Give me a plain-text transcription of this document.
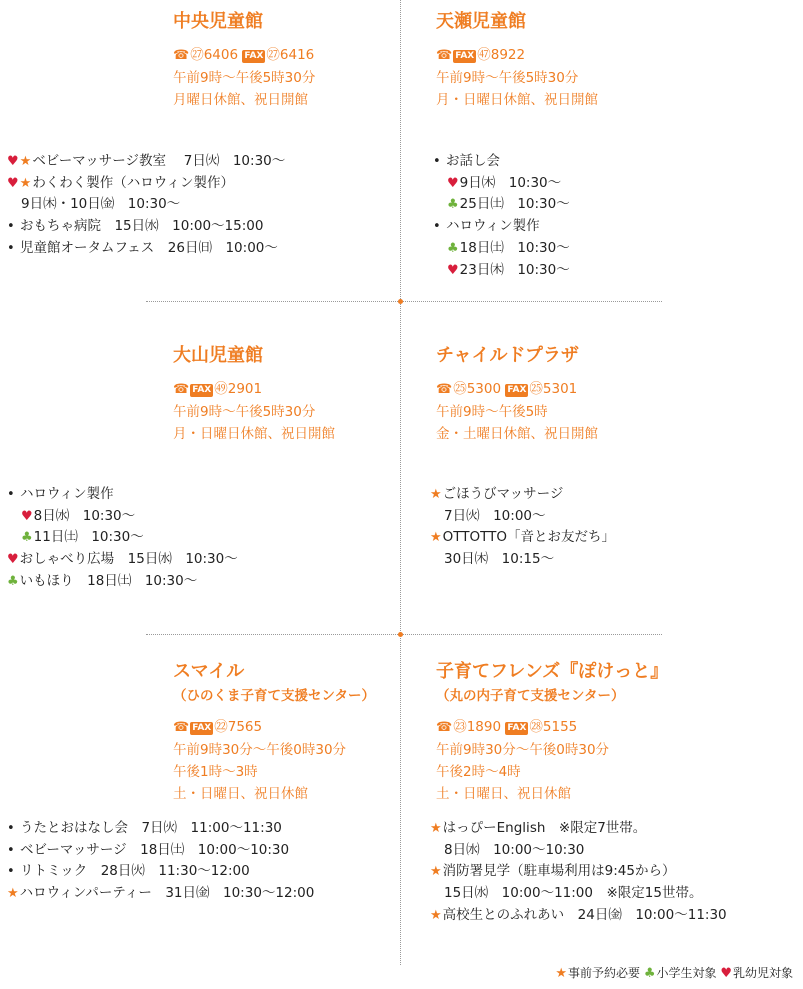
中央児童館
☎㉗6406 FAX ㉗6416
午前9時～午後5時30分
月曜日休館、祝日開館
天瀬児童館
☎ FAX ㊼8922
午前9時～午後5時30分
月・日曜日休館、祝日開館
大山児童館
☎ FAX ㊾2901
午前9時～午後5時30分
月・日曜日休館、祝日開館
チャイルドプラザ
☎㉕5300 FAX ㉕5301
午前9時～午後5時
金・土曜日休館、祝日開館
スマイル
（ひのくま子育て支援センター）
☎ FAX ㉒7565
午前9時30分～午後0時30分
午後1時～3時
土・日曜日、祝日休館
子育てフレンズ『ぽけっと』
（丸の内子育て支援センター）
☎㉓1890 FAX ㉘5155
午前9時30分～午後0時30分
午後2時～4時
土・日曜日、祝日休館
♥★ベビーマッサージ教室　 7日㈫　10:30～
♥★わくわく製作（ハロウィン製作）
9日㈭・10日㈮　10:30～
• おもちゃ病院　15日㈬　10:00～15:00
• 児童館オータムフェス　26日㈰　10:00～
• お話し会
♥9日㈭　10:30～
♣25日㈯　10:30～
• ハロウィン製作
♣18日㈯　10:30～
♥23日㈭　10:30～
• ハロウィン製作
♥8日㈬　10:30～
♣11日㈯　10:30～
♥おしゃべり広場　15日㈬　10:30～
♣いもほり　18日㈯　10:30～
★ごほうびマッサージ
7日㈫　10:00～
★OTTOTTO「音とお友だち」
30日㈭　10:15～
• うたとおはなし会　7日㈫　11:00～11:30
• ベビーマッサージ　18日㈯　10:00～10:30
• リトミック　28日㈫　11:30～12:00
★ハロウィンパーティー　31日㈮　10:30～12:00
★はっぴーEnglish　※限定7世帯。
8日㈬　10:00～10:30
★消防署見学（駐車場利用は9:45から）
15日㈬　10:00～11:00　※限定15世帯。
★高校生とのふれあい　24日㈮　10:00～11:30
★事前予約必要 ♣小学生対象 ♥乳幼児対象
